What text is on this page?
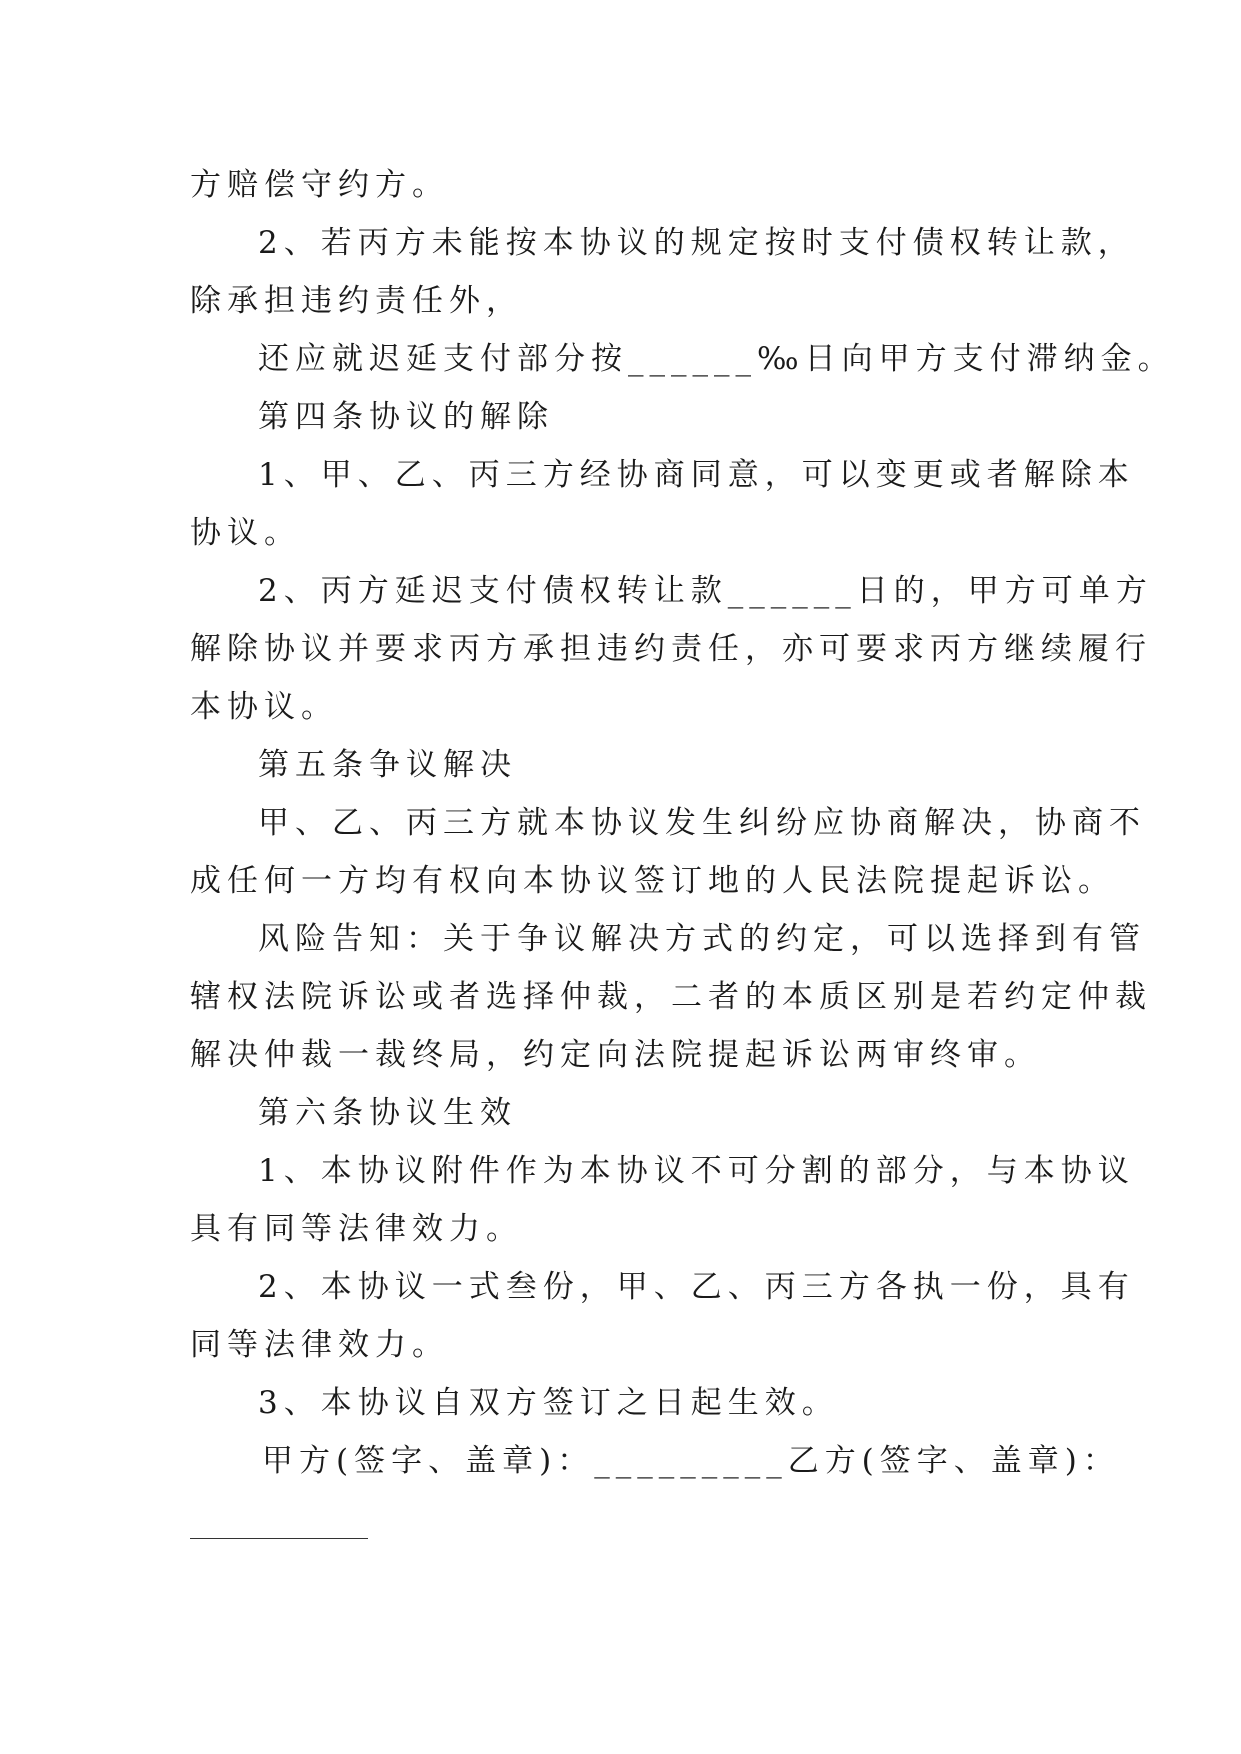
方赔偿守约方。
2、若丙方未能按本协议的规定按时支付债权转让款，
除承担违约责任外，
还应就迟延支付部分按______‰日向甲方支付滞纳金。
第四条协议的解除
1、甲、乙、丙三方经协商同意，可以变更或者解除本
协议。
2、丙方延迟支付债权转让款______日的，甲方可单方
解除协议并要求丙方承担违约责任，亦可要求丙方继续履行
本协议。
第五条争议解决
甲、乙、丙三方就本协议发生纠纷应协商解决，协商不
成任何一方均有权向本协议签订地的人民法院提起诉讼。
风险告知：关于争议解决方式的约定，可以选择到有管
辖权法院诉讼或者选择仲裁，二者的本质区别是若约定仲裁
解决仲裁一裁终局，约定向法院提起诉讼两审终审。
第六条协议生效
1、本协议附件作为本协议不可分割的部分，与本协议
具有同等法律效力。
2、本协议一式叁份，甲、乙、丙三方各执一份，具有
同等法律效力。
3、本协议自双方签订之日起生效。
甲方(签字、盖章)：_________乙方(签字、盖章)：
